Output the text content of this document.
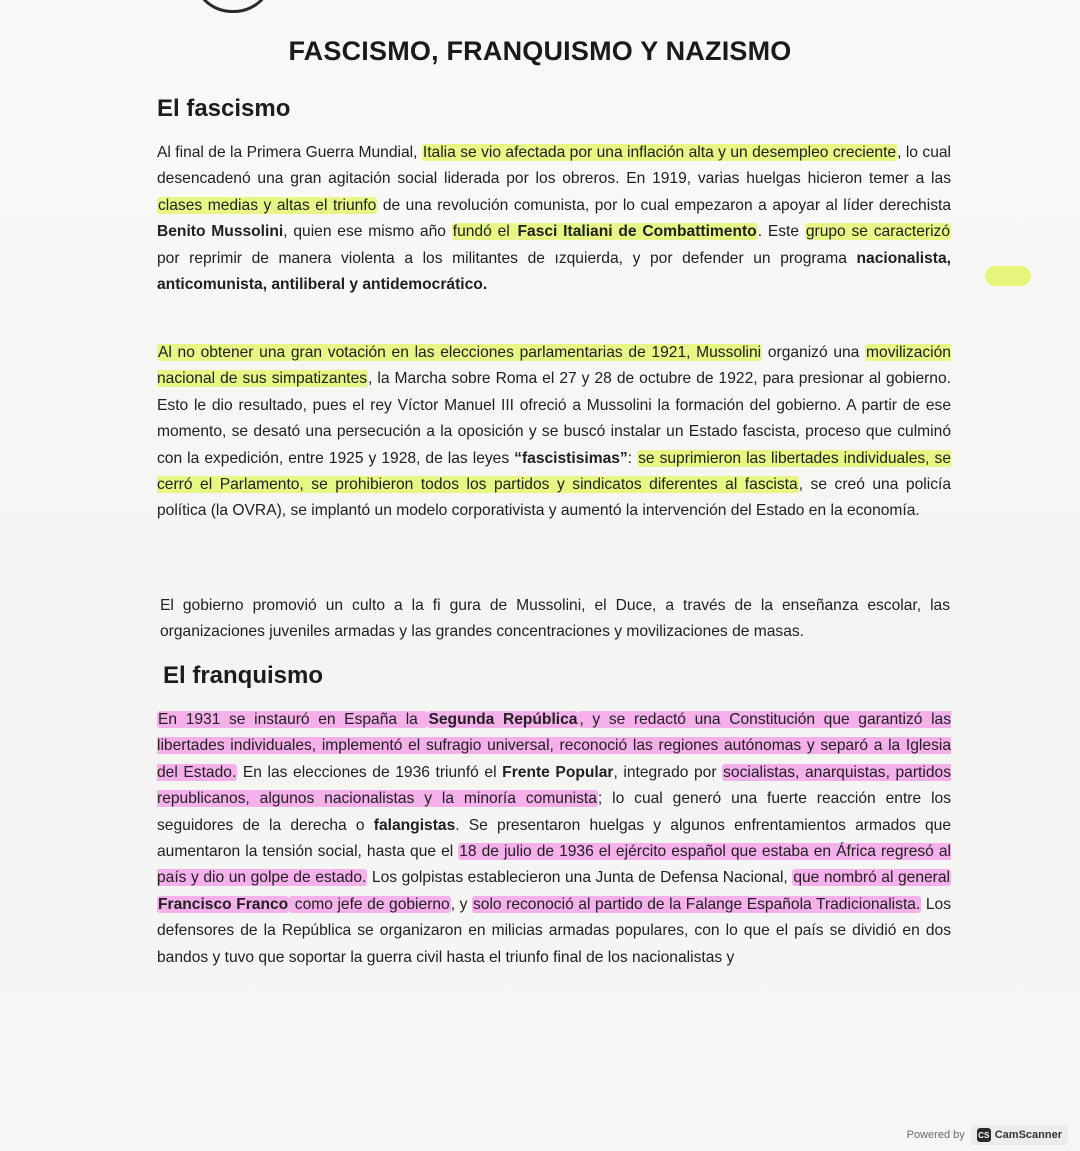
FASCISMO, FRANQUISMO Y NAZISMO
El fascismo
Al final de la Primera Guerra Mundial, Italia se vio afectada por una inflación alta y un desempleo creciente, lo cual desencadenó una gran agitación social liderada por los obreros. En 1919, varias huelgas hicieron temer a las clases medias y altas el triunfo de una revolución comunista, por lo cual empezaron a apoyar al líder derechista Benito Mussolini, quien ese mismo año fundó el Fasci Italiani de Combattimento. Este grupo se caracterizó por reprimir de manera violenta a los militantes de ızquierda, y por defender un programa nacionalista, anticomunista, antiliberal y antidemocrático.
Al no obtener una gran votación en las elecciones parlamentarias de 1921, Mussolini organizó una movilización nacional de sus simpatizantes, la Marcha sobre Roma el 27 y 28 de octubre de 1922, para presionar al gobierno. Esto le dio resultado, pues el rey Víctor Manuel III ofreció a Mussolini la formación del gobierno. A partir de ese momento, se desató una persecución a la oposición y se buscó instalar un Estado fascista, proceso que culminó con la expedición, entre 1925 y 1928, de las leyes “fascistisimas”: se suprimieron las libertades individuales, se cerró el Parlamento, se prohibieron todos los partidos y sindicatos diferentes al fascista, se creó una policía política (la OVRA), se implantó un modelo corporativista y aumentó la intervención del Estado en la economía.
El gobierno promovió un culto a la fi gura de Mussolini, el Duce, a través de la enseñanza escolar, las organizaciones juveniles armadas y las grandes concentraciones y movilizaciones de masas.
El franquismo
En 1931 se instauró en España la Segunda República , y se redactó una Constitución que garantizó las libertades individuales, implementó el sufragio universal, reconoció las regiones autónomas y separó a la Iglesia del Estado. En las elecciones de 1936 triunfó el Frente Popular, integrado por socialistas, anarquistas, partidos republicanos, algunos nacionalistas y la minoría comunista; lo cual generó una fuerte reacción entre los seguidores de la derecha o falangistas. Se presentaron huelgas y algunos enfrentamientos armados que aumentaron la tensión social, hasta que el 18 de julio de 1936 el ejército español que estaba en África regresó al país y dio un golpe de estado. Los golpistas establecieron una Junta de Defensa Nacional, que nombró al general Francisco Franco como jefe de gobierno, y solo reconoció al partido de la Falange Española Tradicionalista. Los defensores de la República se organizaron en milicias armadas populares, con lo que el país se dividió en dos bandos y tuvo que soportar la guerra civil hasta el triunfo final de los nacionalistas y
Powered by CS CamScanner
